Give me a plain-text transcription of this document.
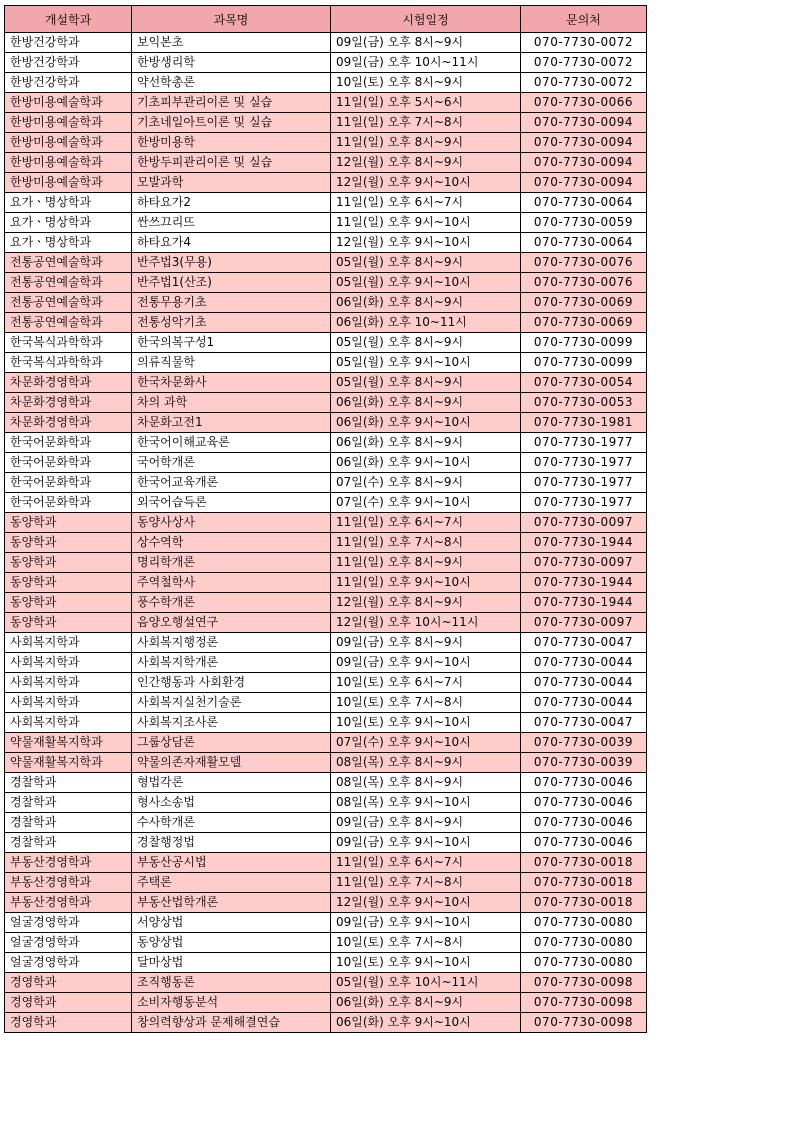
개설학과	과목명	시험일정	문의처
한방건강학과	보익본초	09일(금) 오후 8시~9시	070-7730-0072
한방건강학과	한방생리학	09일(금) 오후 10시~11시	070-7730-0072
한방건강학과	약선학총론	10일(토) 오후 8시~9시	070-7730-0072
한방미용예술학과	기초피부관리이론 및 실습	11일(일) 오후 5시~6시	070-7730-0066
한방미용예술학과	기초네일아트이론 및 실습	11일(일) 오후 7시~8시	070-7730-0094
한방미용예술학과	한방미용학	11일(일) 오후 8시~9시	070-7730-0094
한방미용예술학과	한방두피관리이론 및 실습	12일(월) 오후 8시~9시	070-7730-0094
한방미용예술학과	모발과학	12일(월) 오후 9시~10시	070-7730-0094
요가ㆍ명상학과	하타요가2	11일(일) 오후 6시~7시	070-7730-0064
요가ㆍ명상학과	싼쓰끄리뜨	11일(일) 오후 9시~10시	070-7730-0059
요가ㆍ명상학과	하타요가4	12일(월) 오후 9시~10시	070-7730-0064
전통공연예술학과	반주법3(무용)	05일(월) 오후 8시~9시	070-7730-0076
전통공연예술학과	반주법1(산조)	05일(월) 오후 9시~10시	070-7730-0076
전통공연예술학과	전통무용기초	06일(화) 오후 8시~9시	070-7730-0069
전통공연예술학과	전통성악기초	06일(화) 오후 10~11시	070-7730-0069
한국복식과학학과	한국의복구성1	05일(월) 오후 8시~9시	070-7730-0099
한국복식과학학과	의류직물학	05일(월) 오후 9시~10시	070-7730-0099
차문화경영학과	한국차문화사	05일(월) 오후 8시~9시	070-7730-0054
차문화경영학과	차의 과학	06일(화) 오후 8시~9시	070-7730-0053
차문화경영학과	차문화고전1	06일(화) 오후 9시~10시	070-7730-1981
한국어문화학과	한국어이해교육론	06일(화) 오후 8시~9시	070-7730-1977
한국어문화학과	국어학개론	06일(화) 오후 9시~10시	070-7730-1977
한국어문화학과	한국어교육개론	07일(수) 오후 8시~9시	070-7730-1977
한국어문화학과	외국어습득론	07일(수) 오후 9시~10시	070-7730-1977
동양학과	동양사상사	11일(일) 오후 6시~7시	070-7730-0097
동양학과	상수역학	11일(일) 오후 7시~8시	070-7730-1944
동양학과	명리학개론	11일(일) 오후 8시~9시	070-7730-0097
동양학과	주역철학사	11일(일) 오후 9시~10시	070-7730-1944
동양학과	풍수학개론	12일(월) 오후 8시~9시	070-7730-1944
동양학과	음양오행설연구	12일(월) 오후 10시~11시	070-7730-0097
사회복지학과	사회복지행정론	09일(금) 오후 8시~9시	070-7730-0047
사회복지학과	사회복지학개론	09일(금) 오후 9시~10시	070-7730-0044
사회복지학과	인간행동과 사회환경	10일(토) 오후 6시~7시	070-7730-0044
사회복지학과	사회복지실천기술론	10일(토) 오후 7시~8시	070-7730-0044
사회복지학과	사회복지조사론	10일(토) 오후 9시~10시	070-7730-0047
약물재활복지학과	그룹상담론	07일(수) 오후 9시~10시	070-7730-0039
약물재활복지학과	약물의존자재활모델	08일(목) 오후 8시~9시	070-7730-0039
경찰학과	형법각론	08일(목) 오후 8시~9시	070-7730-0046
경찰학과	형사소송법	08일(목) 오후 9시~10시	070-7730-0046
경찰학과	수사학개론	09일(금) 오후 8시~9시	070-7730-0046
경찰학과	경찰행정법	09일(금) 오후 9시~10시	070-7730-0046
부동산경영학과	부동산공시법	11일(일) 오후 6시~7시	070-7730-0018
부동산경영학과	주택론	11일(일) 오후 7시~8시	070-7730-0018
부동산경영학과	부동산법학개론	12일(월) 오후 9시~10시	070-7730-0018
얼굴경영학과	서양상법	09일(금) 오후 9시~10시	070-7730-0080
얼굴경영학과	동양상법	10일(토) 오후 7시~8시	070-7730-0080
얼굴경영학과	달마상법	10일(토) 오후 9시~10시	070-7730-0080
경영학과	조직행동론	05일(월) 오후 10시~11시	070-7730-0098
경영학과	소비자행동분석	06일(화) 오후 8시~9시	070-7730-0098
경영학과	창의력향상과 문제해결연습	06일(화) 오후 9시~10시	070-7730-0098
